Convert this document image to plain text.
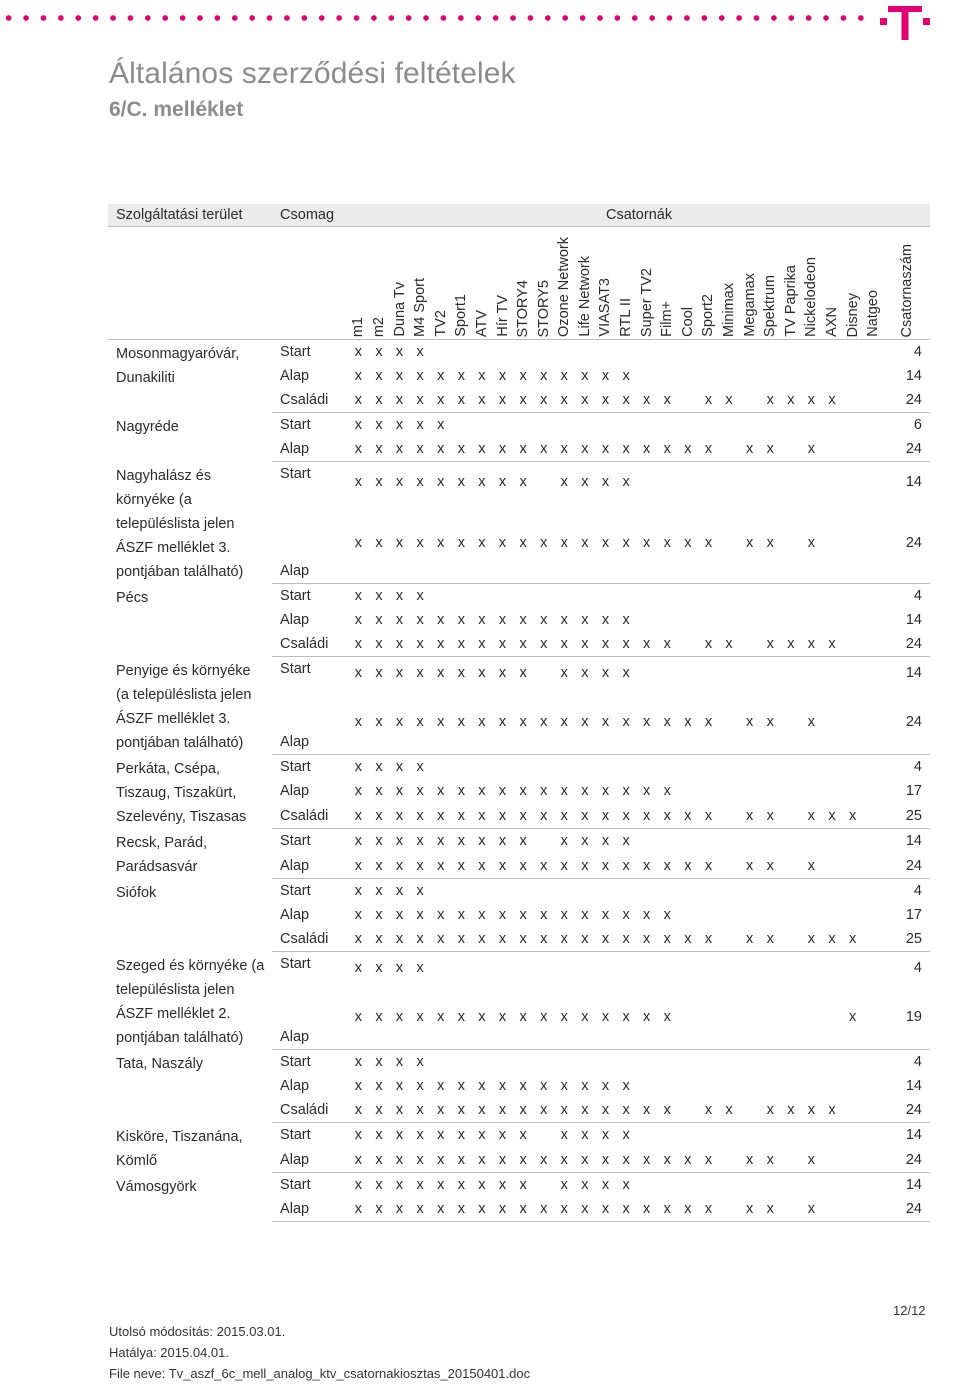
Általános szerződési feltételek
6/C. melléklet
Szolgáltatási terület	Csomag	Csatornák																										

		m1	m2	Duna Tv	M4 Sport	TV2	Sport1	ATV	Hír TV	STORY4	STORY5	Ozone Network	Life Network	VIASAT3	RTL II	Super TV2	Film+	Cool	Sport2	Minimax	Megamax	Spektrum	TV Paprika	Nickelodeon	AXN	Disney	Natgeo	Csatornaszám

Mosonmagyaróvár,
Dunakiliti	Start	x	x	x	x																							4
	Alap	x	x	x	x	x	x	x	x	x	x	x	x	x	x													14
	Családi	x	x	x	x	x	x	x	x	x	x	x	x	x	x	x	x		x	x		x	x	x	x			24

Nagyréde	Start	x	x	x	x	x																						6
	Alap	x	x	x	x	x	x	x	x	x	x	x	x	x	x	x	x	x	x		x	x		x				24

Nagyhalász és
környéke (a
településlista jelen
ÁSZF melléklet 3.
pontjában található)	Start	x	x	x	x	x	x	x	x	x		x	x	x	x													14
	Alap	x	x	x	x	x	x	x	x	x	x	x	x	x	x	x	x	x	x		x	x		x				24

Pécs	Start	x	x	x	x																							4
	Alap	x	x	x	x	x	x	x	x	x	x	x	x	x	x													14
	Családi	x	x	x	x	x	x	x	x	x	x	x	x	x	x	x	x		x	x		x	x	x	x			24

Penyige és környéke
(a településlista jelen
ÁSZF melléklet 3.
pontjában található)	Start	x	x	x	x	x	x	x	x	x		x	x	x	x													14
	Alap	x	x	x	x	x	x	x	x	x	x	x	x	x	x	x	x	x	x		x	x		x				24

Perkáta, Csépa,
Tiszaug, Tiszakürt,
Szelevény, Tiszasas	Start	x	x	x	x																							4
	Alap	x	x	x	x	x	x	x	x	x	x	x	x	x	x	x	x											17
	Családi	x	x	x	x	x	x	x	x	x	x	x	x	x	x	x	x	x	x		x	x		x	x	x		25

Recsk, Parád,
Parádsasvár	Start	x	x	x	x	x	x	x	x	x		x	x	x	x													14
	Alap	x	x	x	x	x	x	x	x	x	x	x	x	x	x	x	x	x	x		x	x		x				24

Siófok	Start	x	x	x	x																							4
	Alap	x	x	x	x	x	x	x	x	x	x	x	x	x	x	x	x											17
	Családi	x	x	x	x	x	x	x	x	x	x	x	x	x	x	x	x	x	x		x	x		x	x	x		25

Szeged és környéke (a
településlista jelen
ÁSZF melléklet 2.
pontjában található)	Start	x	x	x	x																							4
	Alap	x	x	x	x	x	x	x	x	x	x	x	x	x	x	x	x									x		19

Tata, Naszály	Start	x	x	x	x																							4
	Alap	x	x	x	x	x	x	x	x	x	x	x	x	x	x													14
	Családi	x	x	x	x	x	x	x	x	x	x	x	x	x	x	x	x		x	x		x	x	x	x			24

Kisköre, Tiszanána,
Kömlő	Start	x	x	x	x	x	x	x	x	x		x	x	x	x													14
	Alap	x	x	x	x	x	x	x	x	x	x	x	x	x	x	x	x	x	x		x	x		x				24

Vámosgyörk	Start	x	x	x	x	x	x	x	x	x		x	x	x	x													14
	Alap	x	x	x	x	x	x	x	x	x	x	x	x	x	x	x	x	x	x		x	x		x				24
12/12
Utolsó módosítás: 2015.03.01.
Hatálya: 2015.04.01.
File neve: Tv_aszf_6c_mell_analog_ktv_csatornakiosztas_20150401.doc
